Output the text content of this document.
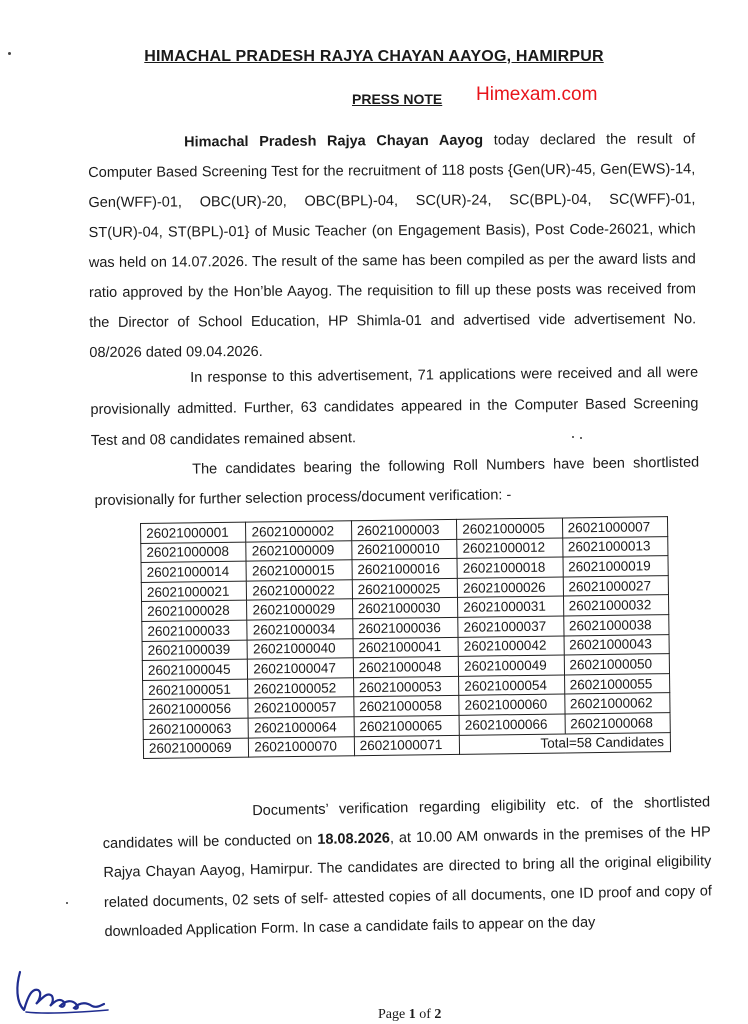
HIMACHAL PRADESH RAJYA CHAYAN AAYOG, HAMIRPUR
PRESS NOTE Himexam.com

Himachal Pradesh Rajya Chayan Aayog today declared the result of Computer Based Screening Test for the recruitment of 118 posts {Gen(UR)-45, Gen(EWS)-14, Gen(WFF)-01, OBC(UR)-20, OBC(BPL)-04, SC(UR)-24, SC(BPL)-04, SC(WFF)-01, ST(UR)-04, ST(BPL)-01} of Music Teacher (on Engagement Basis), Post Code-26021, which was held on 14.07.2026. The result of the same has been compiled as per the award lists and ratio approved by the Hon’ble Aayog. The requisition to fill up these posts was received from the Director of School Education, HP Shimla-01 and advertised vide advertisement No. 08/2026 dated 09.04.2026.

In response to this advertisement, 71 applications were received and all were provisionally admitted. Further, 63 candidates appeared in the Computer Based Screening Test and 08 candidates remained absent.

The candidates bearing the following Roll Numbers have been shortlisted provisionally for further selection process/document verification: -

26021000001	26021000002	26021000003	26021000005	26021000007
26021000008	26021000009	26021000010	26021000012	26021000013
26021000014	26021000015	26021000016	26021000018	26021000019
26021000021	26021000022	26021000025	26021000026	26021000027
26021000028	26021000029	26021000030	26021000031	26021000032
26021000033	26021000034	26021000036	26021000037	26021000038
26021000039	26021000040	26021000041	26021000042	26021000043
26021000045	26021000047	26021000048	26021000049	26021000050
26021000051	26021000052	26021000053	26021000054	26021000055
26021000056	26021000057	26021000058	26021000060	26021000062
26021000063	26021000064	26021000065	26021000066	26021000068
26021000069	26021000070	26021000071	Total=58 Candidates	

Documents’ verification regarding eligibility etc. of the shortlisted candidates will be conducted on 18.08.2026, at 10.00 AM onwards in the premises of the HP Rajya Chayan Aayog, Hamirpur. The candidates are directed to bring all the original eligibility related documents, 02 sets of self- attested copies of all documents, one ID proof and copy of downloaded Application Form. In case a candidate fails to appear on the day

Page 1 of 2
